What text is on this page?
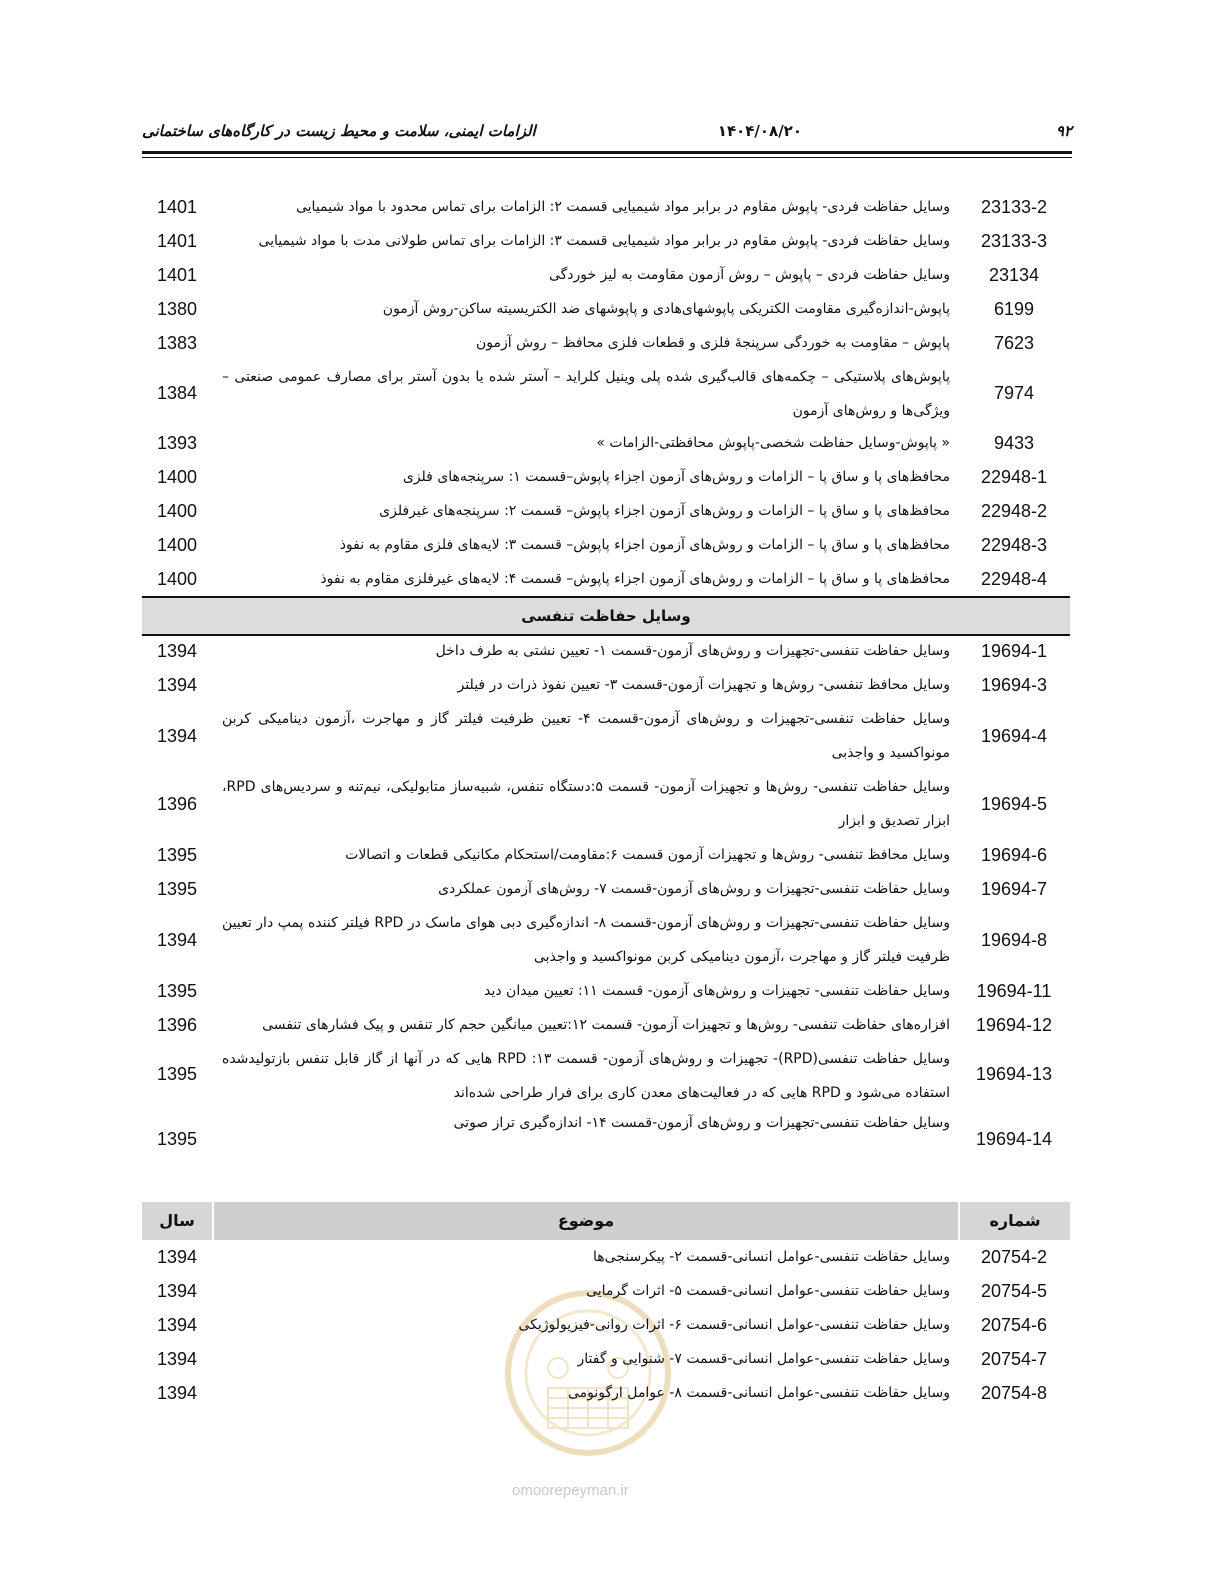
۹۲
۱۴۰۴/۰۸/۲۰
الزامات ایمنی، سلامت و محیط زیست در کارگاه‌های ساختمانی
23133-2
وسایل حفاظت فردی- پاپوش مقاوم در برابر مواد شیمیایی قسمت ۲: الزامات برای تماس محدود با مواد شیمیایی
1401
23133-3
وسایل حفاظت فردی- پاپوش مقاوم در برابر مواد شیمیایی قسمت ۳: الزامات برای تماس طولانی مدت با مواد شیمیایی
1401
23134
وسایل حفاظت فردی – پاپوش – روش آزمون مقاومت به لیز خوردگی
1401
6199
پاپوش-اندازه‌گیری مقاومت الکتریکی پاپوشهای‌هادی و پاپوشهای ضد الکتریسیته ساکن-روش آزمون
1380
7623
پاپوش – مقاومت به خوردگی سرپنجهٔ فلزی و قطعات فلزی محافظ – روش آزمون
1383
7974
پاپوش‌های پلاستیکی – چکمه‌های قالب‌گیری شده پلی وینیل کلراید – آستر شده یا بدون آستر برای مصارف عمومی صنعتی –ویژگی‌ها و روش‌های آزمون
1384
9433
« پاپوش-وسایل حفاظت شخصی-پاپوش محافظتی-الزامات »
1393
22948-1
محافظ‌های پا و ساق پا – الزامات و روش‌های آزمون اجزاء پاپوش–قسمت ۱: سرپنجه‌های فلزی
1400
22948-2
محافظ‌های پا و ساق پا – الزامات و روش‌های آزمون اجزاء پاپوش– قسمت ۲: سرپنجه‌های غیرفلزی
1400
22948-3
محافظ‌های پا و ساق پا – الزامات و روش‌های آزمون اجزاء پاپوش– قسمت ۳: لایه‌های فلزی مقاوم به نفوذ
1400
22948-4
محافظ‌های پا و ساق پا – الزامات و روش‌های آزمون اجزاء پاپوش– قسمت ۴: لایه‌های غیرفلزی مقاوم به نفوذ
1400
وسایل حفاظت تنفسی
19694-1
وسایل حفاظت تنفسی-تجهیزات و روش‌های آزمون-قسمت ۱- تعیین نشتی به طرف داخل
1394
19694-3
وسایل محافظ تنفسی- روش‌ها و تجهیزات آزمون-قسمت ۳- تعیین نفوذ ذرات در فیلتر
1394
19694-4
وسایل حفاظت تنفسی-تجهیزات و روش‌های آزمون-قسمت ۴- تعیین ظرفیت فیلتر گاز و مهاجرت ،آزمون دینامیکی کربن مونواکسید و واجذبی
1394
19694-5
وسایل حفاظت تنفسی- روش‌ها و تجهیزات آزمون- قسمت ۵:دستگاه تنفس، شبیه‌ساز متابولیکی، نیم‌تنه و سردیس‌های RPD، ابزار تصدیق و ابزار
1396
19694-6
وسایل محافظ تنفسی- روش‌ها و تجهیزات آزمون قسمت ۶:مقاومت/استحکام مکانیکی قطعات و اتصالات
1395
19694-7
وسایل حفاظت تنفسی-تجهیزات و روش‌های آزمون-قسمت ۷- روش‌های آزمون عملکردی
1395
19694-8
وسایل حفاظت تنفسی-تجهیزات و روش‌های آزمون-قسمت ۸- اندازه‌گیری دبی هوای ماسک در RPD فیلتر کننده پمپ دار تعیین ظرفیت فیلتر گاز و مهاجرت ،آزمون دینامیکی کربن مونواکسید و واجذبی
1394
19694-11
وسایل حفاظت تنفسی- تجهیزات و روش‌های آزمون- قسمت ۱۱: تعیین میدان دید
1395
19694-12
افزاره‌های حفاظت تنفسی- روش‌ها و تجهیزات آزمون- قسمت ۱۲:تعیین میانگین حجم کار تنفس و پیک فشارهای تنفسی
1396
19694-13
وسایل حفاظت تنفسی(RPD)- تجهیزات و روش‌های آزمون- قسمت ۱۳: RPD هایی که در آنها از گاز قابل تنفس بازتولیدشده استفاده می‌شود و RPD هایی که در فعالیت‌های معدن کاری برای فرار طراحی شده‌اند
1395
19694-14
وسایل حفاظت تنفسی-تجهیزات و روش‌های آزمون-قمست ۱۴- اندازه‌گیری تراز صوتی
1395
شماره
موضوع
سال
omoorepeyman.ir
20754-2
وسایل حفاظت تنفسی-عوامل انسانی-قسمت ۲- پیکرسنجی‌ها
1394
20754-5
وسایل حفاظت تنفسی-عوامل انسانی-قسمت ۵- اثرات گرمایی
1394
20754-6
وسایل حفاظت تنفسی-عوامل انسانی-قسمت ۶- اثرات روانی-فیزیولوژیکی
1394
20754-7
وسایل حفاظت تنفسی-عوامل انسانی-قسمت ۷- شنوایی و گفتار
1394
20754-8
وسایل حفاظت تنفسی-عوامل انسانی-قسمت ۸- عوامل ارگونومی
1394
